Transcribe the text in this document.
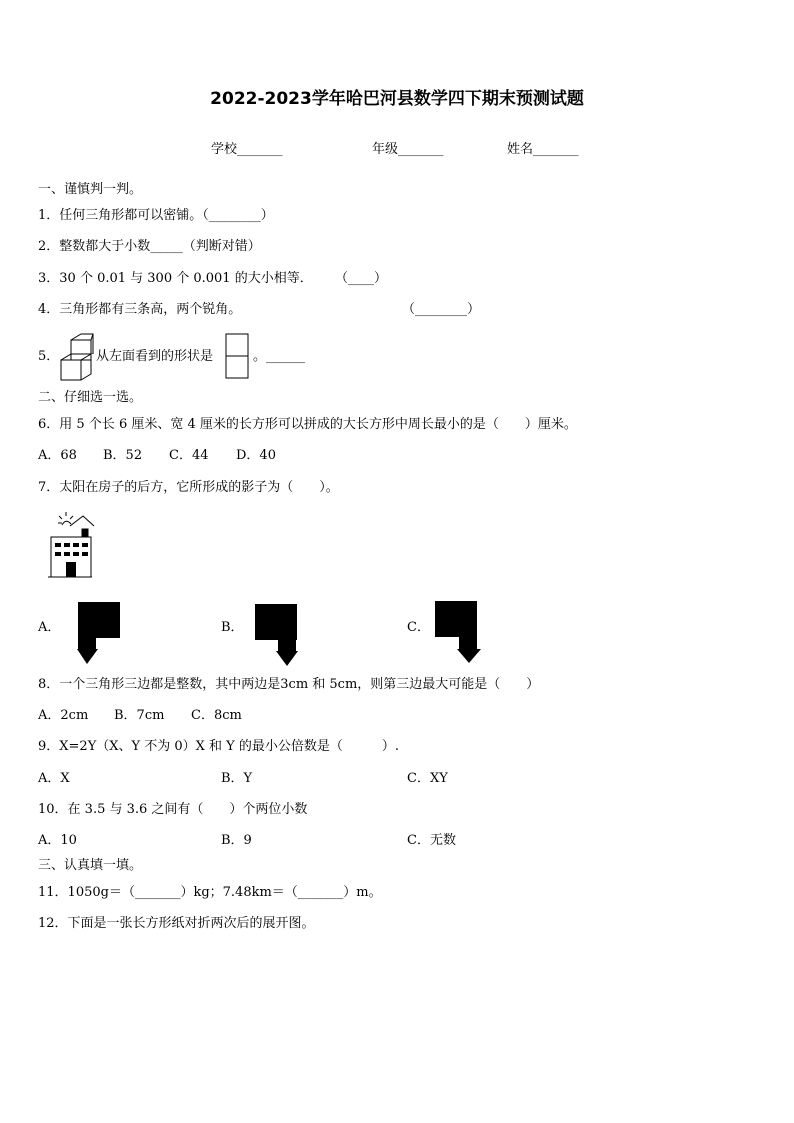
2022-2023学年哈巴河县数学四下期末预测试题
学校_______	年级_______	姓名_______
一、谨慎判一判。
1．任何三角形都可以密铺。（________）
2．整数都大于小数_____（判断对错）
3．30 个 0.01 与 300 个 0.001 的大小相等． （____）
4．三角形都有三条高，两个锐角。	（________）
5．	从左面看到的形状是	。______
二、仔细选一选。
6．用 5 个长 6 厘米、宽 4 厘米的长方形可以拼成的大长方形中周长最小的是（　　）厘米。
A．68 B．52 C．44 D．40
7．太阳在房子的后方，它所形成的影子为（　　）。
A．	B．	C．
8．一个三角形三边都是整数，其中两边是3cm 和 5cm，则第三边最大可能是（　　）
A．2cm B．7cm C．8cm
9．X=2Y（X、Y 不为 0）X 和 Y 的最小公倍数是（　　　）.
A．X	B．Y	C．XY
10．在 3.5 与 3.6 之间有（　　）个两位小数
A．10	B．9	C．无数
三、认真填一填。
11．1050g＝（_______）kg；7.48km＝（_______）m。
12．下面是一张长方形纸对折两次后的展开图。
